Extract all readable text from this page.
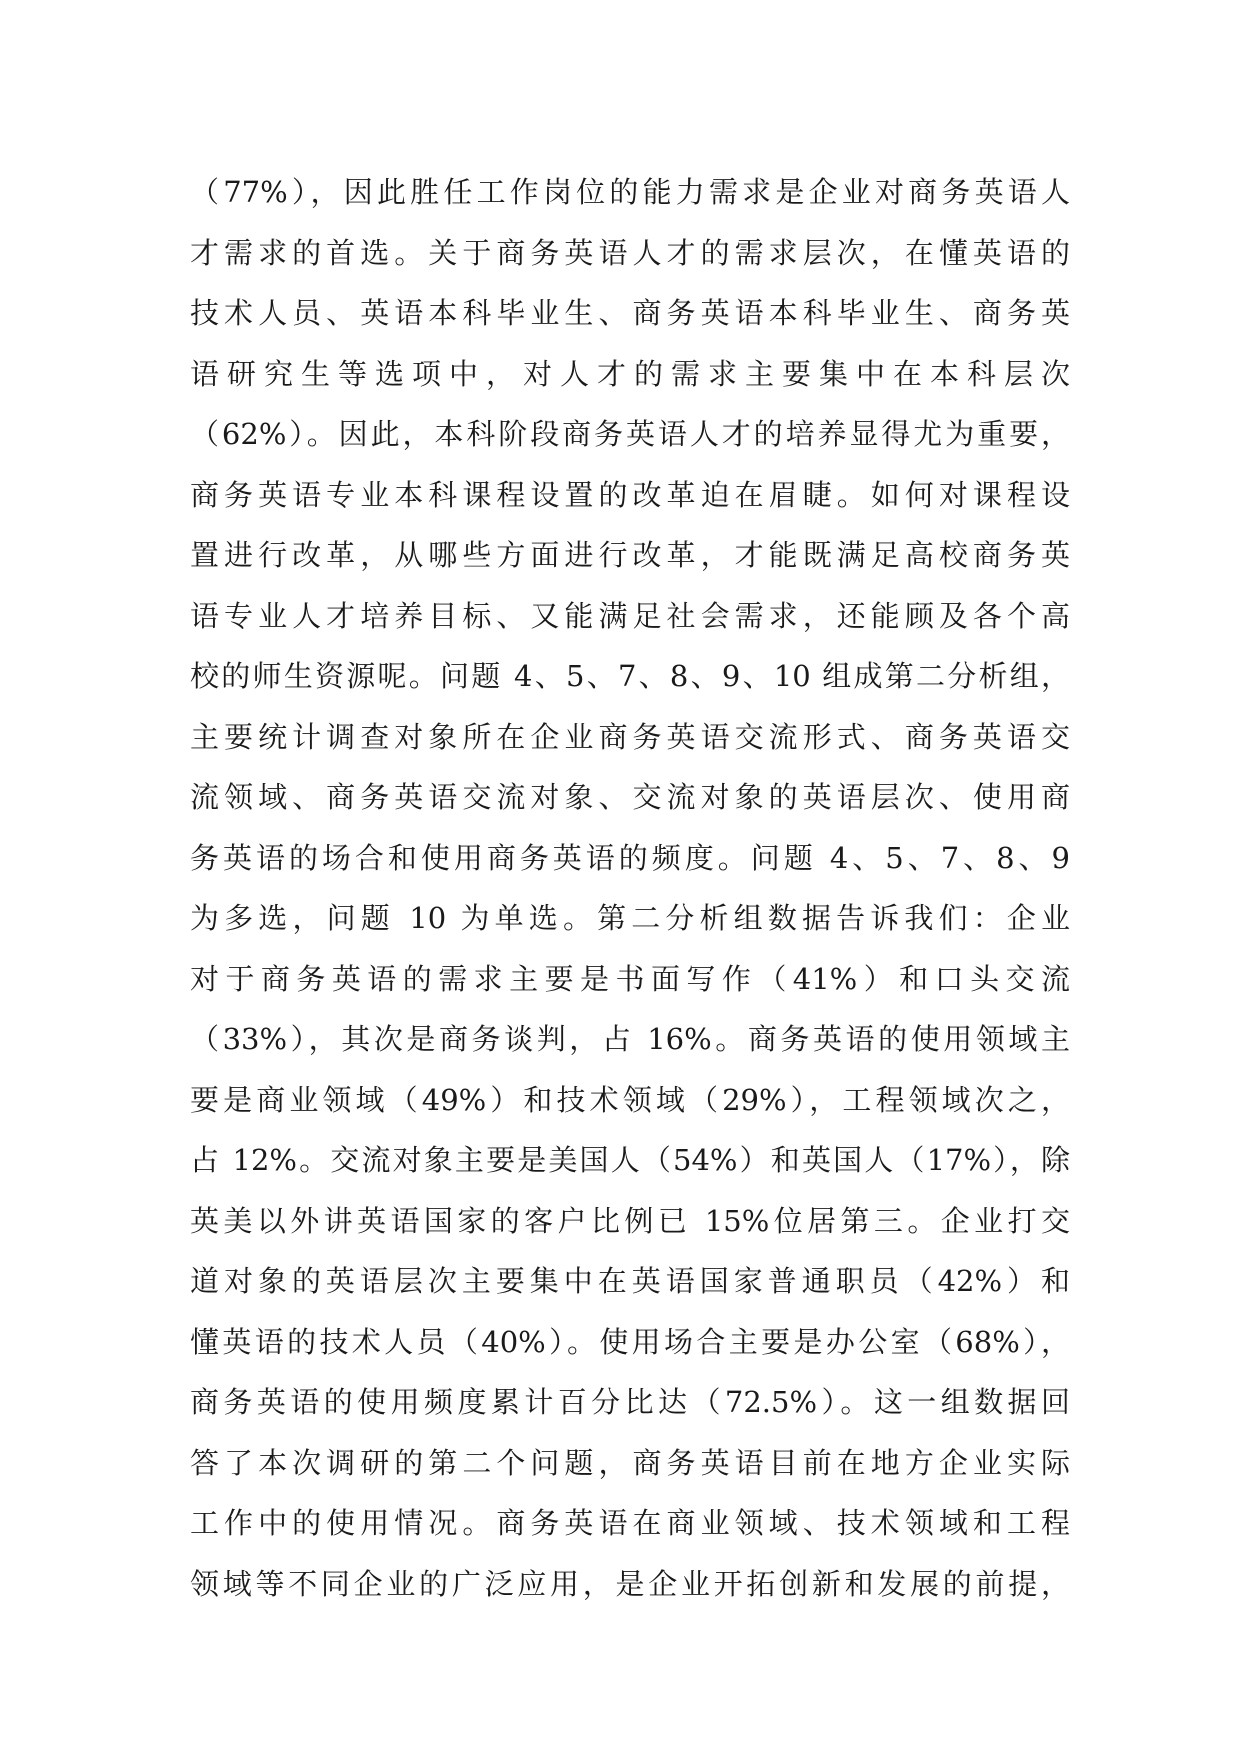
（77%），因此胜任工作岗位的能力需求是企业对商务英语人
才需求的首选。关于商务英语人才的需求层次，在懂英语的
技术人员、英语本科毕业生、商务英语本科毕业生、商务英
语研究生等选项中，对人才的需求主要集中在本科层次
（62%）。因此，本科阶段商务英语人才的培养显得尤为重要，
商务英语专业本科课程设置的改革迫在眉睫。如何对课程设
置进行改革，从哪些方面进行改革，才能既满足高校商务英
语专业人才培养目标、又能满足社会需求，还能顾及各个高
校的师生资源呢。问题 4、5、7、8、9、10 组成第二分析组，
主要统计调查对象所在企业商务英语交流形式、商务英语交
流领域、商务英语交流对象、交流对象的英语层次、使用商
务英语的场合和使用商务英语的频度。问题 4、5、7、8、9
为多选，问题 10 为单选。第二分析组数据告诉我们：企业
对于商务英语的需求主要是书面写作（41%）和口头交流
（33%），其次是商务谈判，占 16%。商务英语的使用领域主
要是商业领域（49%）和技术领域（29%），工程领域次之，
占 12%。交流对象主要是美国人（54%）和英国人（17%），除
英美以外讲英语国家的客户比例已 15%位居第三。企业打交
道对象的英语层次主要集中在英语国家普通职员（42%）和
懂英语的技术人员（40%）。使用场合主要是办公室（68%），
商务英语的使用频度累计百分比达（72.5%）。这一组数据回
答了本次调研的第二个问题，商务英语目前在地方企业实际
工作中的使用情况。商务英语在商业领域、技术领域和工程
领域等不同企业的广泛应用，是企业开拓创新和发展的前提，
